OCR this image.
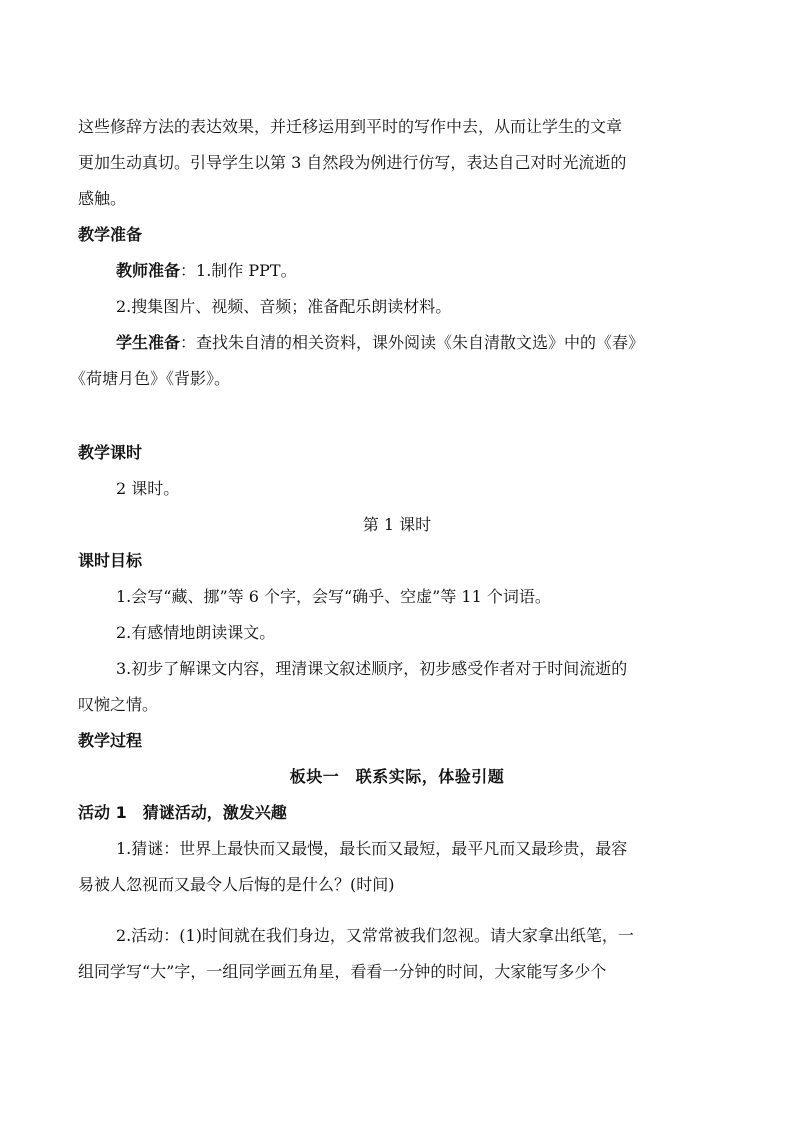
这些修辞方法的表达效果，并迁移运用到平时的写作中去，从而让学生的文章
更加生动真切。引导学生以第 3 自然段为例进行仿写，表达自己对时光流逝的
感触。
教学准备
教师准备：1.制作 PPT。
2.搜集图片、视频、音频；准备配乐朗读材料。
学生准备：查找朱自清的相关资料，课外阅读《朱自清散文选》中的《春》
《荷塘月色》《背影》。
教学课时
2 课时。
第 1 课时
课时目标
1.会写“藏、挪”等 6 个字，会写“确乎、空虚”等 11 个词语。
2.有感情地朗读课文。
3.初步了解课文内容，理清课文叙述顺序，初步感受作者对于时间流逝的
叹惋之情。
教学过程
板块一　联系实际，体验引题
活动 1　猜谜活动，激发兴趣
1.猜谜：世界上最快而又最慢，最长而又最短，最平凡而又最珍贵，最容
易被人忽视而又最令人后悔的是什么？(时间)
2.活动：(1)时间就在我们身边，又常常被我们忽视。请大家拿出纸笔，一
组同学写“大”字，一组同学画五角星，看看一分钟的时间，大家能写多少个
